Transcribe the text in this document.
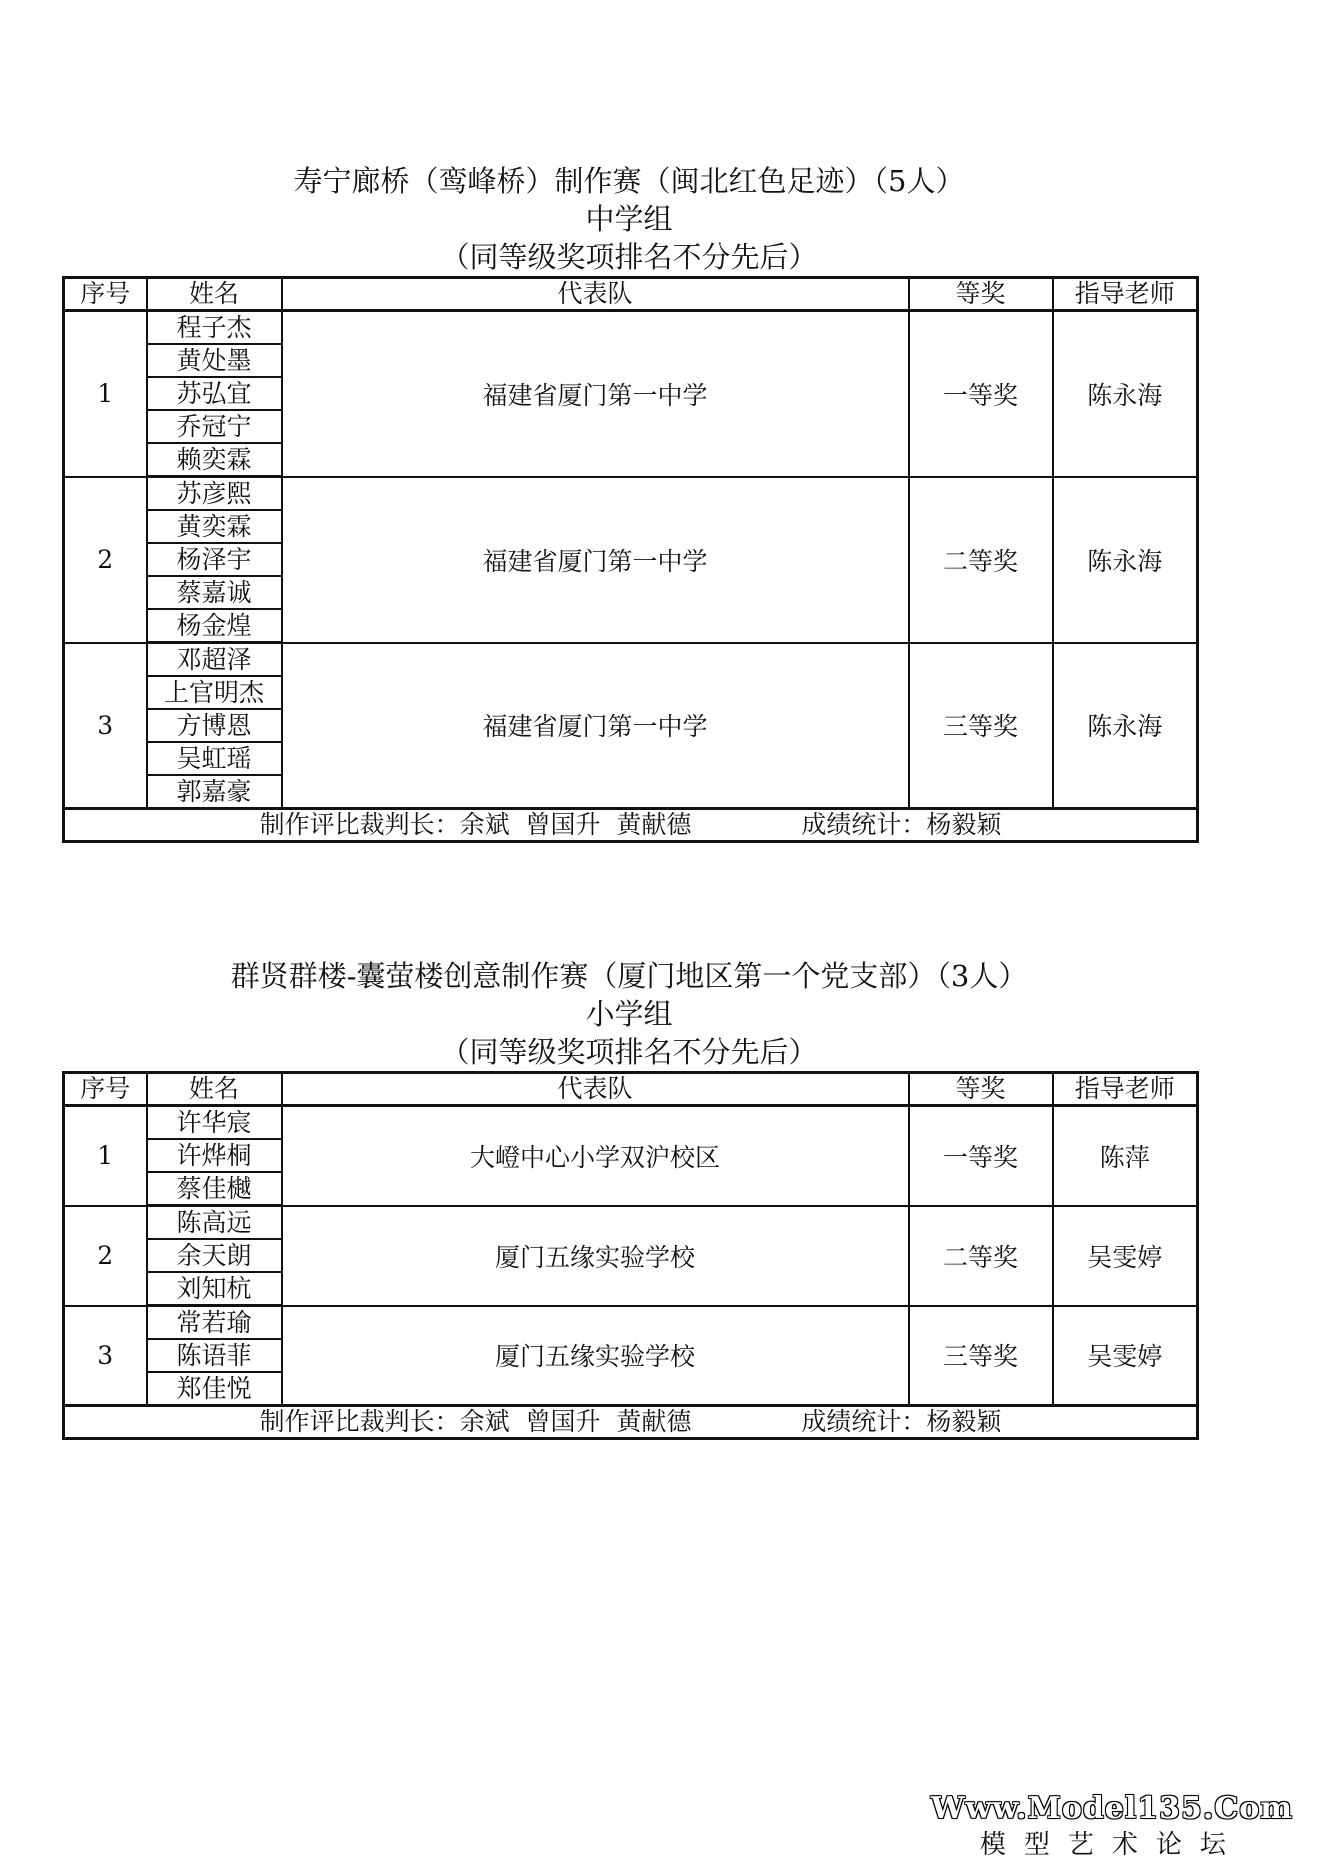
寿宁廊桥（鸾峰桥）制作赛（闽北红色足迹）（5人）
中学组
（同等级奖项排名不分先后）
序号	姓名	代表队	等奖	指导老师
1	程子杰	福建省厦门第一中学	一等奖	陈永海
	黄处墨			
	苏弘宜			
	乔冠宁			
	赖奕霖			
2	苏彦熙	福建省厦门第一中学	二等奖	陈永海
	黄奕霖			
	杨泽宇			
	蔡嘉诚			
	杨金煌			
3	邓超泽	福建省厦门第一中学	三等奖	陈永海
	上官明杰			
	方博恩			
	吴虹瑶			
	郭嘉豪			
制作评比裁判长：余斌  曾国升  黄献德 成绩统计：杨毅颖				
群贤群楼-囊萤楼创意制作赛（厦门地区第一个党支部）（3人）
小学组
（同等级奖项排名不分先后）
序号	姓名	代表队	等奖	指导老师
1	许华宸	大嶝中心小学双沪校区	一等奖	陈萍
	许烨桐			
	蔡佳樾			
2	陈高远	厦门五缘实验学校	二等奖	吴雯婷
	余天朗			
	刘知杭			
3	常若瑜	厦门五缘实验学校	三等奖	吴雯婷
	陈语菲			
	郑佳悦			
制作评比裁判长：余斌  曾国升  黄献德 成绩统计：杨毅颖				
Www.Model135.Com
模型艺术论坛
